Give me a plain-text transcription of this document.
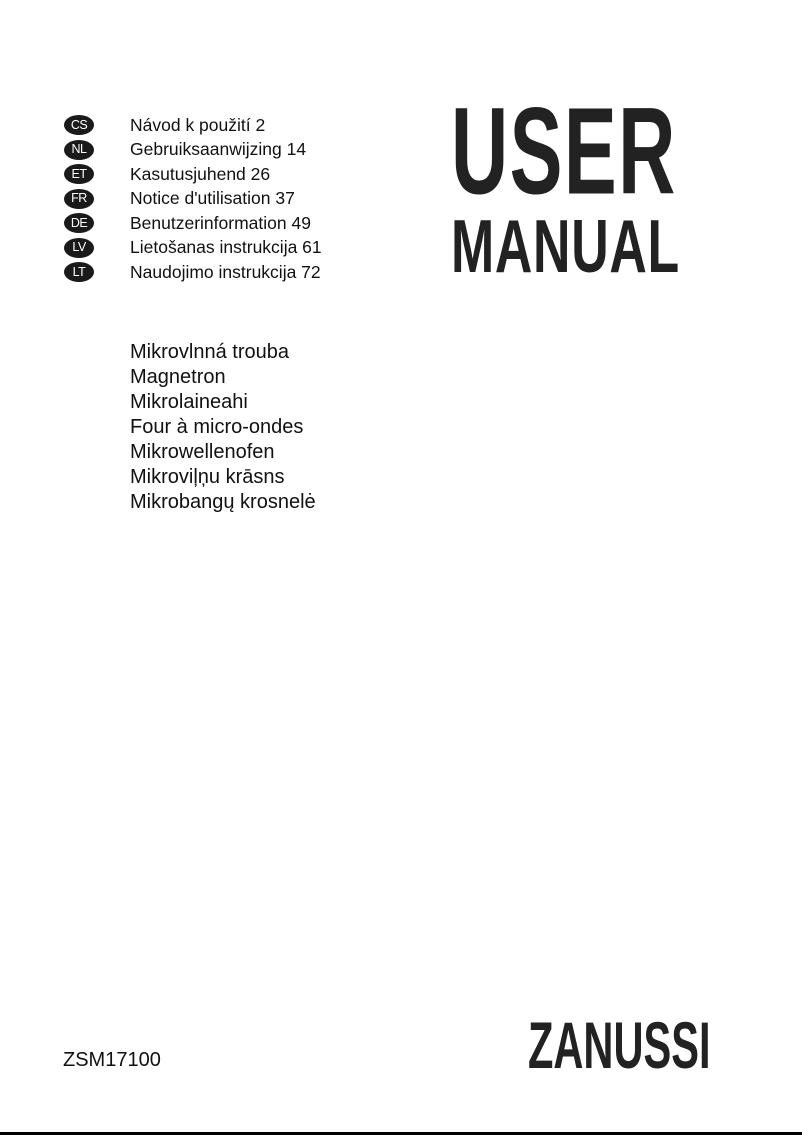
CS	Návod k použití 2
NL	Gebruiksaanwijzing 14
ET	Kasutusjuhend 26
FR	Notice d'utilisation 37
DE	Benutzerinformation 49
LV	Lietošanas instrukcija 61
LT	Naudojimo instrukcija 72
Mikrovlnná trouba
Magnetron
Mikrolaineahi
Four à micro-ondes
Mikrowellenofen
Mikroviļņu krāsns
Mikrobangų krosnelė
USER
MANUAL
ZSM17100	ZANUSSI
